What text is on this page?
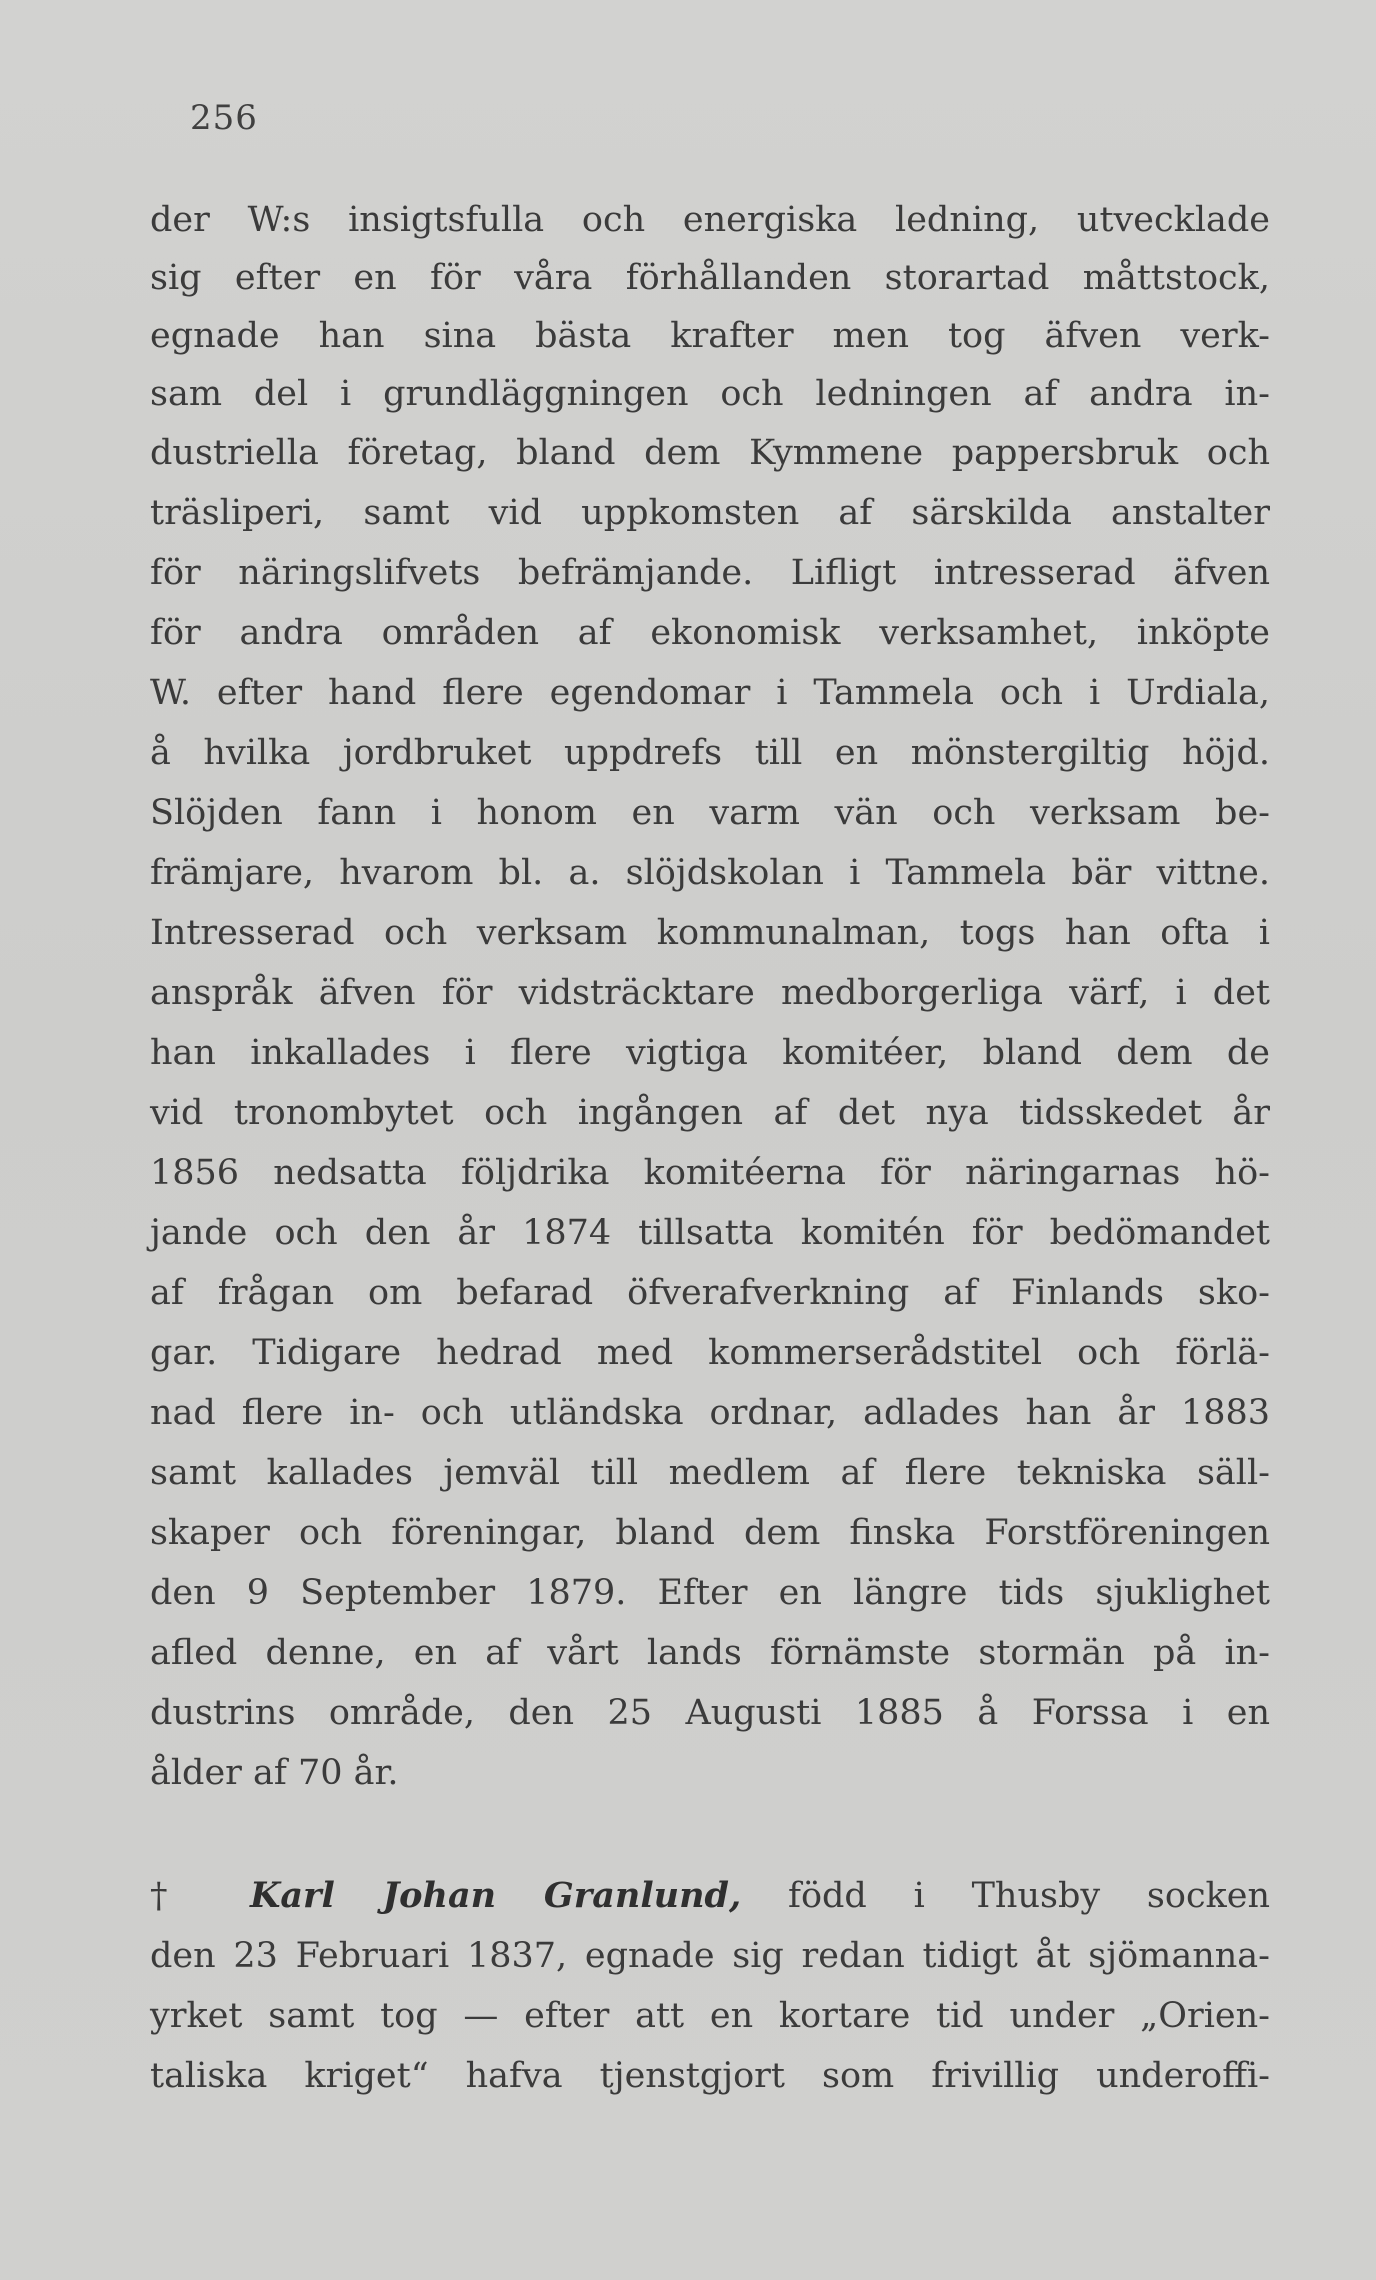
256
der W:s insigtsfulla och energiska ledning, utvecklade
sig efter en för våra förhållanden storartad måttstock,
egnade han sina bästa krafter men tog äfven verk-
sam del i grundläggningen och ledningen af andra in-
dustriella företag, bland dem Kymmene pappersbruk och
träsliperi, samt vid uppkomsten af särskilda anstalter
för näringslifvets befrämjande. Lifligt intresserad äfven
för andra områden af ekonomisk verksamhet, inköpte
W. efter hand flere egendomar i Tammela och i Urdiala,
å hvilka jordbruket uppdrefs till en mönstergiltig höjd.
Slöjden fann i honom en varm vän och verksam be-
främjare, hvarom bl. a. slöjdskolan i Tammela bär vittne.
Intresserad och verksam kommunalman, togs han ofta i
anspråk äfven för vidsträcktare medborgerliga värf, i det
han inkallades i flere vigtiga komitéer, bland dem de
vid tronombytet och ingången af det nya tidsskedet år
1856 nedsatta följdrika komitéerna för näringarnas hö-
jande och den år 1874 tillsatta komitén för bedömandet
af frågan om befarad öfverafverkning af Finlands sko-
gar. Tidigare hedrad med kommerserådstitel och förlä-
nad flere in- och utländska ordnar, adlades han år 1883
samt kallades jemväl till medlem af flere tekniska säll-
skaper och föreningar, bland dem finska Forstföreningen
den 9 September 1879. Efter en längre tids sjuklighet
afled denne, en af vårt lands förnämste stormän på in-
dustrins område, den 25 Augusti 1885 å Forssa i en
ålder af 70 år.
† Karl Johan Granlund, född i Thusby socken
den 23 Februari 1837, egnade sig redan tidigt åt sjömanna-
yrket samt tog — efter att en kortare tid under „Orien-
taliska kriget“ hafva tjenstgjort som frivillig underoffi-
